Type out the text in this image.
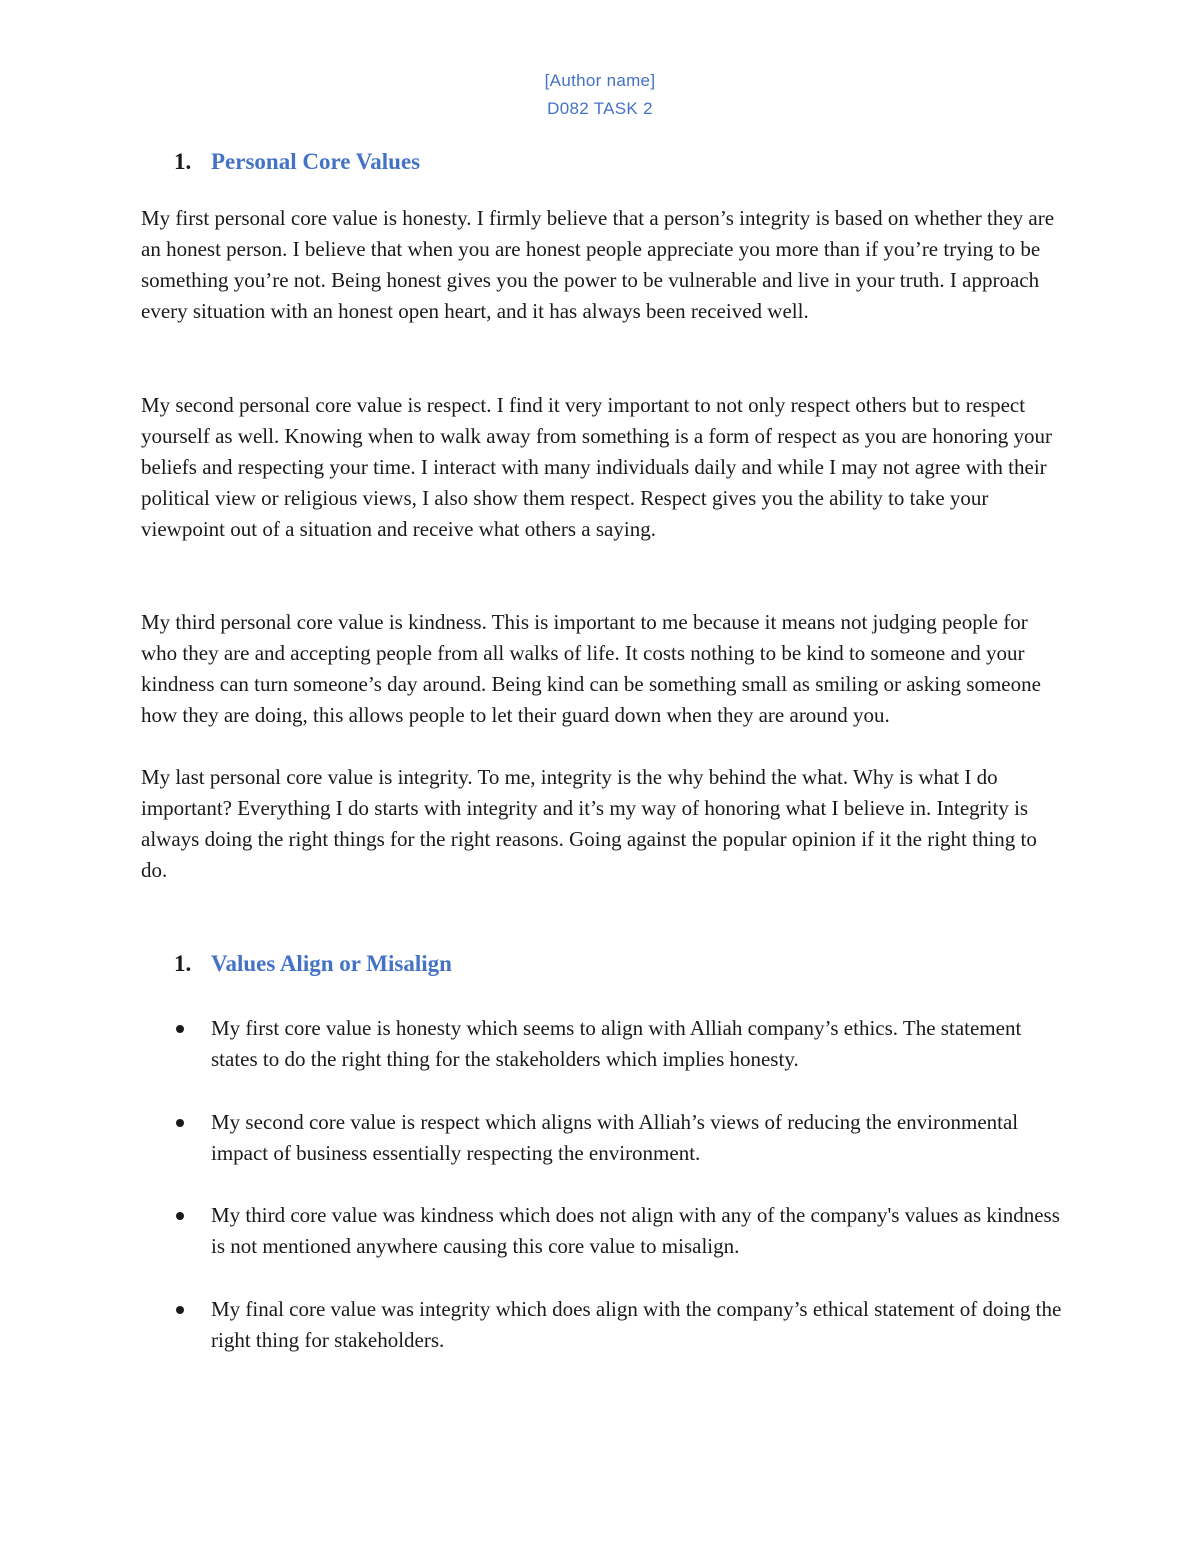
[Author name]
D082 TASK 2
1. Personal Core Values

My first personal core value is honesty. I firmly believe that a person’s integrity is based on whether they are an honest person. I believe that when you are honest people appreciate you more than if you’re trying to be something you’re not. Being honest gives you the power to be vulnerable and live in your truth. I approach every situation with an honest open heart, and it has always been received well.

My second personal core value is respect. I find it very important to not only respect others but to respect yourself as well. Knowing when to walk away from something is a form of respect as you are honoring your beliefs and respecting your time. I interact with many individuals daily and while I may not agree with their political view or religious views, I also show them respect. Respect gives you the ability to take your viewpoint out of a situation and receive what others a saying.

My third personal core value is kindness. This is important to me because it means not judging people for who they are and accepting people from all walks of life. It costs nothing to be kind to someone and your kindness can turn someone’s day around. Being kind can be something small as smiling or asking someone how they are doing, this allows people to let their guard down when they are around you.

My last personal core value is integrity. To me, integrity is the why behind the what. Why is what I do important? Everything I do starts with integrity and it’s my way of honoring what I believe in. Integrity is always doing the right things for the right reasons. Going against the popular opinion if it the right thing to do.

1. Values Align or Misalign
My first core value is honesty which seems to align with Alliah company’s ethics. The statement states to do the right thing for the stakeholders which implies honesty.
My second core value is respect which aligns with Alliah’s views of reducing the environmental impact of business essentially respecting the environment.
My third core value was kindness which does not align with any of the company's values as kindness is not mentioned anywhere causing this core value to misalign.
My final core value was integrity which does align with the company’s ethical statement of doing the right thing for stakeholders.
